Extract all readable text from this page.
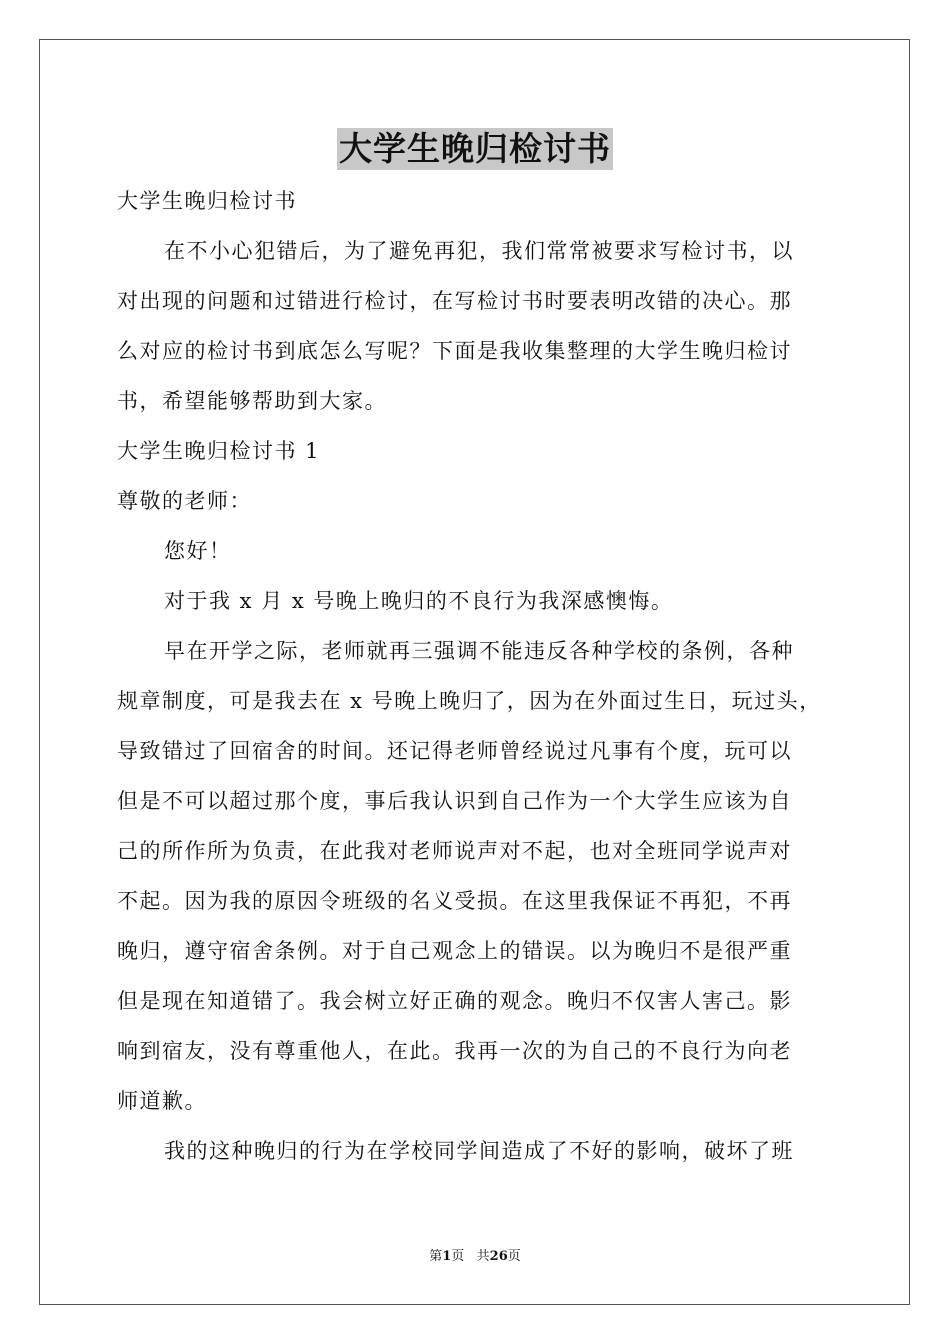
大学生晚归检讨书
大学生晚归检讨书
在不小心犯错后，为了避免再犯，我们常常被要求写检讨书，以
对出现的问题和过错进行检讨，在写检讨书时要表明改错的决心。那
么对应的检讨书到底怎么写呢？下面是我收集整理的大学生晚归检讨
书，希望能够帮助到大家。
大学生晚归检讨书 1
尊敬的老师：
您好！
对于我 x 月 x 号晚上晚归的不良行为我深感懊悔。
早在开学之际，老师就再三强调不能违反各种学校的条例，各种
规章制度，可是我去在 x 号晚上晚归了，因为在外面过生日，玩过头，
导致错过了回宿舍的时间。还记得老师曾经说过凡事有个度，玩可以
但是不可以超过那个度，事后我认识到自己作为一个大学生应该为自
己的所作所为负责，在此我对老师说声对不起，也对全班同学说声对
不起。因为我的原因令班级的名义受损。在这里我保证不再犯，不再
晚归，遵守宿舍条例。对于自己观念上的错误。以为晚归不是很严重
但是现在知道错了。我会树立好正确的观念。晚归不仅害人害己。影
响到宿友，没有尊重他人，在此。我再一次的为自己的不良行为向老
师道歉。
我的这种晚归的行为在学校同学间造成了不好的影响，破坏了班
第1页   共26页
